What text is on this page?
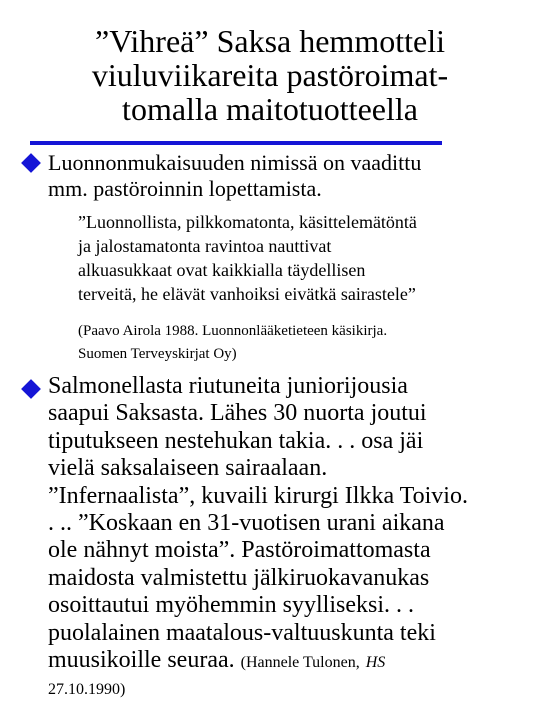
”Vihreä” Saksa hemmotteli
viuluviikareita pastöroimat-
tomalla maitotuotteella
Luonnonmukaisuuden nimissä on vaadittu
mm. pastöroinnin lopettamista.
”Luonnollista, pilkkomatonta, käsittelemätöntä
ja jalostamatonta ravintoa nauttivat
alkuasukkaat ovat kaikkialla täydellisen
terveitä, he elävät vanhoiksi eivätkä sairastele”
(Paavo Airola 1988. Luonnonlääketieteen käsikirja.
Suomen Terveyskirjat Oy)
Salmonellasta riutuneita juniorijousia
saapui Saksasta. Lähes 30 nuorta joutui
tiputukseen nestehukan takia. . . osa jäi
vielä saksalaiseen sairaalaan.
”Infernaalista”, kuvaili kirurgi Ilkka Toivio.
. .. ”Koskaan en 31-vuotisen urani aikana
ole nähnyt moista”. Pastöroimattomasta
maidosta valmistettu jälkiruokavanukas
osoittautui myöhemmin syylliseksi. . .
puolalainen maatalous-valtuuskunta teki
muusikoille seuraa. (Hannele Tulonen, HS
27.10.1990)
